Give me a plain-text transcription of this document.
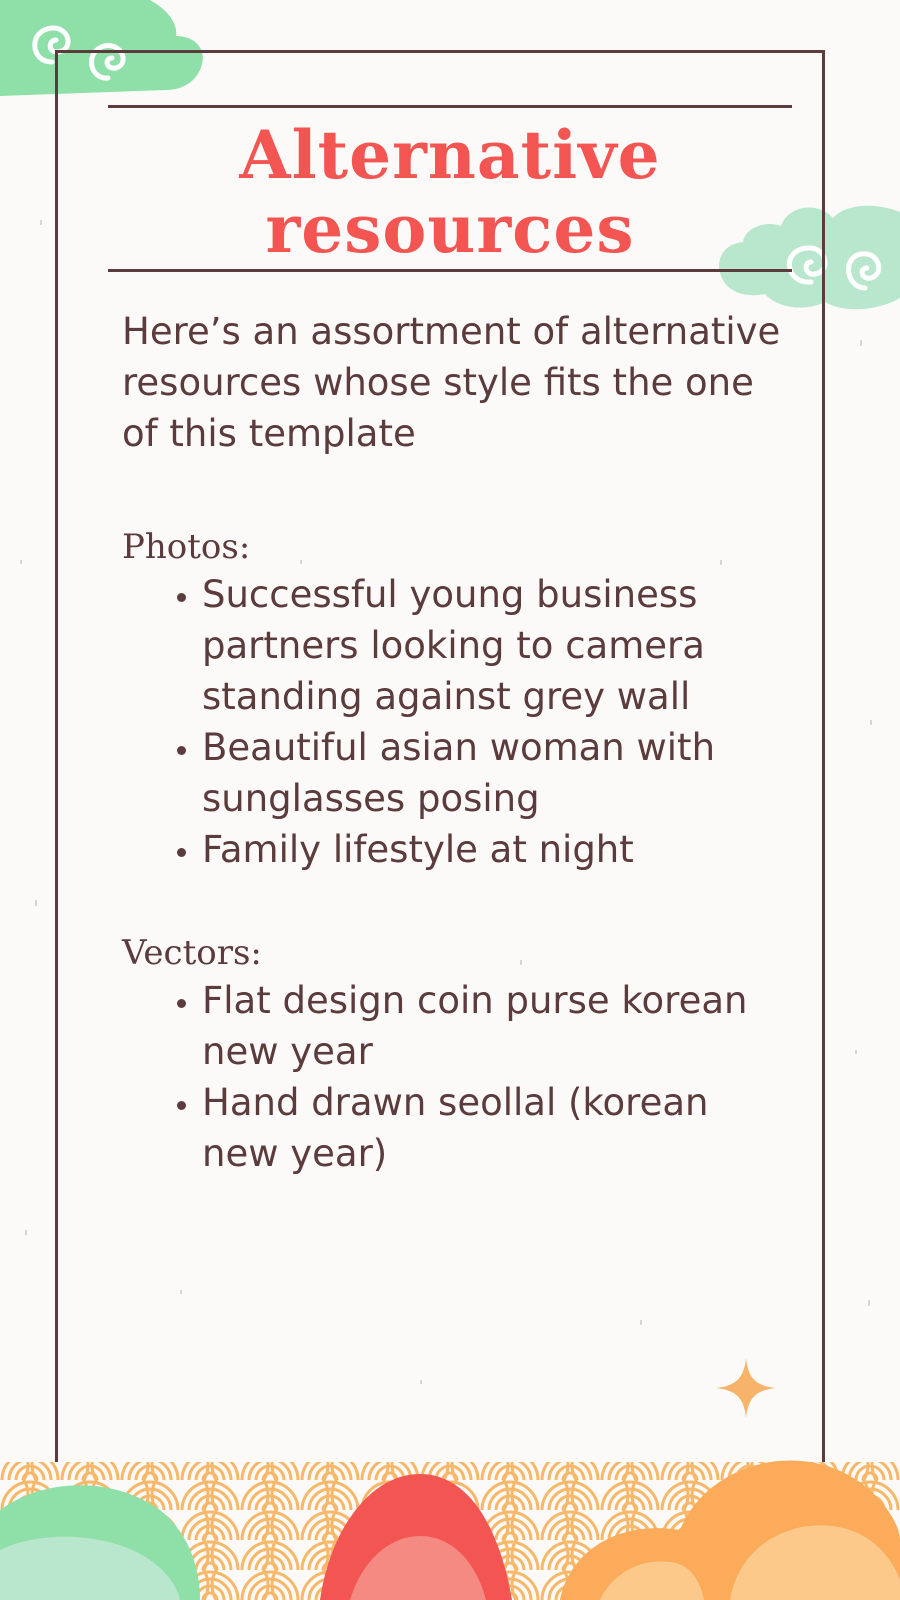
Alternative resources

Here’s an assortment of alternative resources whose style fits the one of this template

Photos:

• Successful young business partners looking to camera standing against grey wall
• Beautiful asian woman with sunglasses posing
• Family lifestyle at night

Vectors:

• Flat design coin purse korean new year
• Hand drawn seollal (korean new year)
